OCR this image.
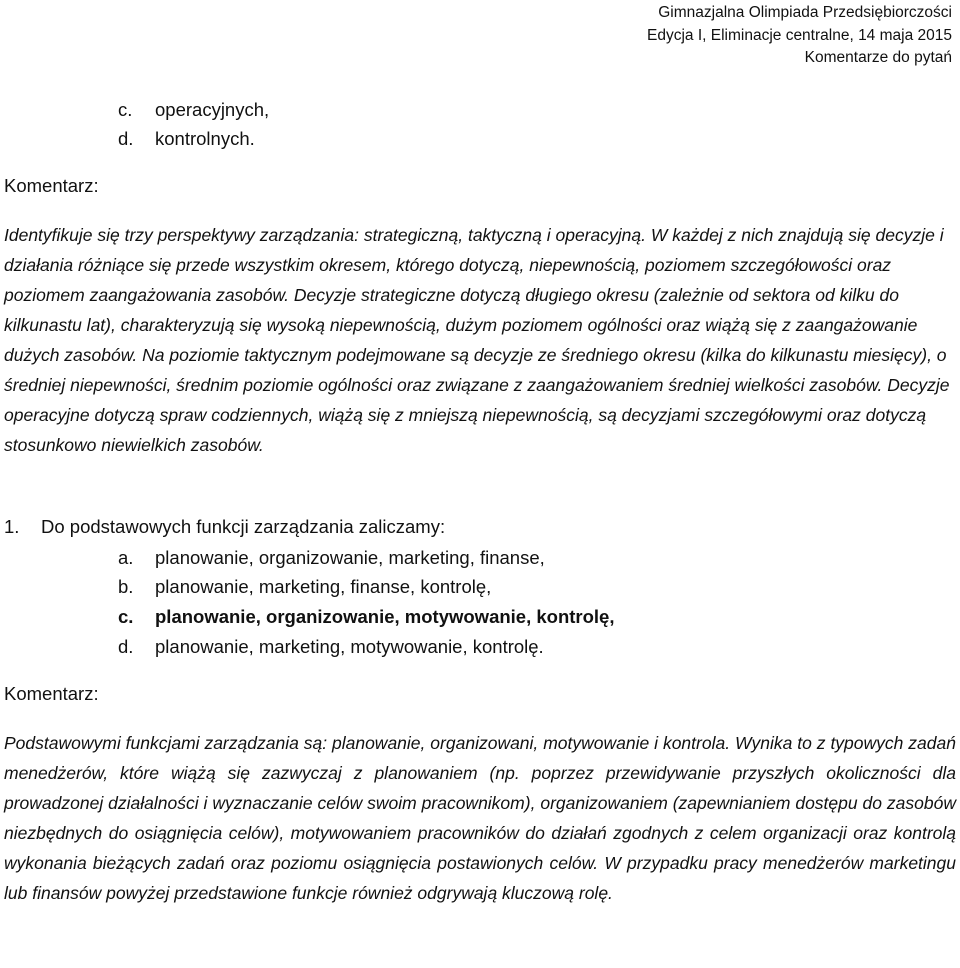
Gimnazjalna Olimpiada Przedsiębiorczości
Edycja I, Eliminacje centralne, 14 maja 2015
Komentarze do pytań
c. operacyjnych,
d. kontrolnych.
Komentarz:
Identyfikuje się trzy perspektywy zarządzania: strategiczną, taktyczną i operacyjną. W każdej z nich znajdują się decyzje i działania różniące się przede wszystkim okresem, którego dotyczą, niepewnością, poziomem szczegółowości oraz poziomem zaangażowania zasobów. Decyzje strategiczne dotyczą długiego okresu (zależnie od sektora od kilku do kilkunastu lat), charakteryzują się wysoką niepewnością, dużym poziomem ogólności oraz wiążą się z zaangażowanie dużych zasobów. Na poziomie taktycznym podejmowane są decyzje ze średniego okresu (kilka do kilkunastu miesięcy), o średniej niepewności, średnim poziomie ogólności oraz związane z zaangażowaniem średniej wielkości zasobów. Decyzje operacyjne dotyczą spraw codziennych, wiążą się z mniejszą niepewnością, są decyzjami szczegółowymi oraz dotyczą stosunkowo niewielkich zasobów.
1. Do podstawowych funkcji zarządzania zaliczamy:
a. planowanie, organizowanie, marketing, finanse,
b. planowanie, marketing, finanse, kontrolę,
c. planowanie, organizowanie, motywowanie, kontrolę,
d. planowanie, marketing, motywowanie, kontrolę.
Komentarz:
Podstawowymi funkcjami zarządzania są: planowanie, organizowani, motywowanie i kontrola. Wynika to z typowych zadań menedżerów, które wiążą się zazwyczaj z planowaniem (np. poprzez przewidywanie przyszłych okoliczności dla prowadzonej działalności i wyznaczanie celów swoim pracownikom), organizowaniem (zapewnianiem dostępu do zasobów niezbędnych do osiągnięcia celów), motywowaniem pracowników do działań zgodnych z celem organizacji oraz kontrolą wykonania bieżących zadań oraz poziomu osiągnięcia postawionych celów. W przypadku pracy menedżerów marketingu lub finansów powyżej przedstawione funkcje również odgrywają kluczową rolę.
